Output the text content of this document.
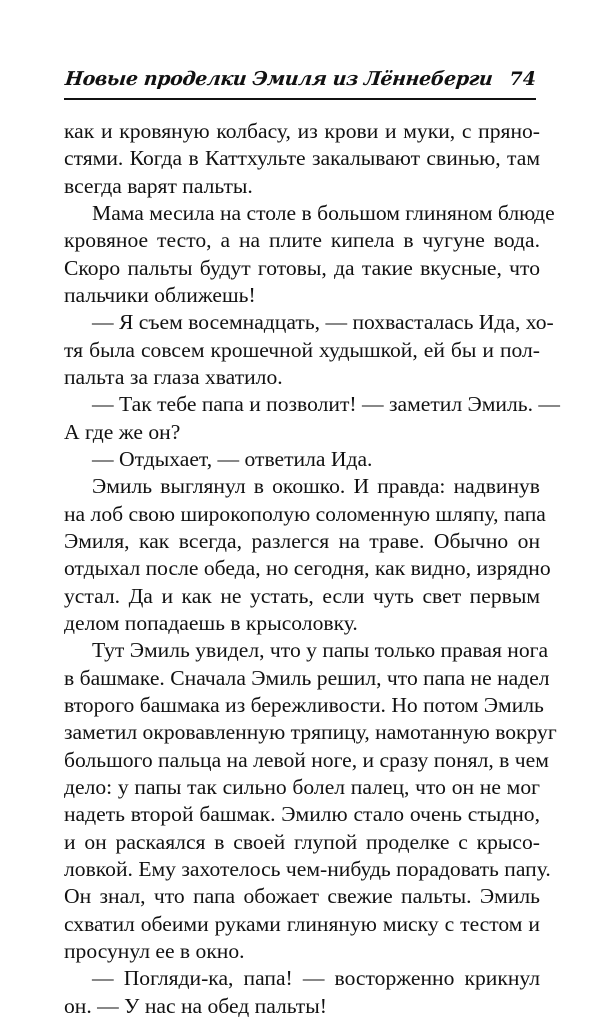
Новые проделки Эмиля из Лённеберги 74
как и кровяную колбасу, из крови и муки, с пряно-
стями. Когда в Каттхульте закалывают свинью, там
всегда варят пальты.
Мама месила на столе в большом глиняном блюде
кровяное тесто, а на плите кипела в чугуне вода.
Скоро пальты будут готовы, да такие вкусные, что
пальчики оближешь!
— Я съем восемнадцать, — похвасталась Ида, хо-
тя была совсем крошечной худышкой, ей бы и пол-
пальта за глаза хватило.
— Так тебе папа и позволит! — заметил Эмиль. —
А где же он?
— Отдыхает, — ответила Ида.
Эмиль выглянул в окошко. И правда: надвинув
на лоб свою широкополую соломенную шляпу, папа
Эмиля, как всегда, разлегся на траве. Обычно он
отдыхал после обеда, но сегодня, как видно, изрядно
устал. Да и как не устать, если чуть свет первым
делом попадаешь в крысоловку.
Тут Эмиль увидел, что у папы только правая нога
в башмаке. Сначала Эмиль решил, что папа не надел
второго башмака из бережливости. Но потом Эмиль
заметил окровавленную тряпицу, намотанную вокруг
большого пальца на левой ноге, и сразу понял, в чем
дело: у папы так сильно болел палец, что он не мог
надеть второй башмак. Эмилю стало очень стыдно,
и он раскаялся в своей глупой проделке с крысо-
ловкой. Ему захотелось чем-нибудь порадовать папу.
Он знал, что папа обожает свежие пальты. Эмиль
схватил обеими руками глиняную миску с тестом и
просунул ее в окно.
— Погляди-ка, папа! — восторженно крикнул
он. — У нас на обед пальты!
